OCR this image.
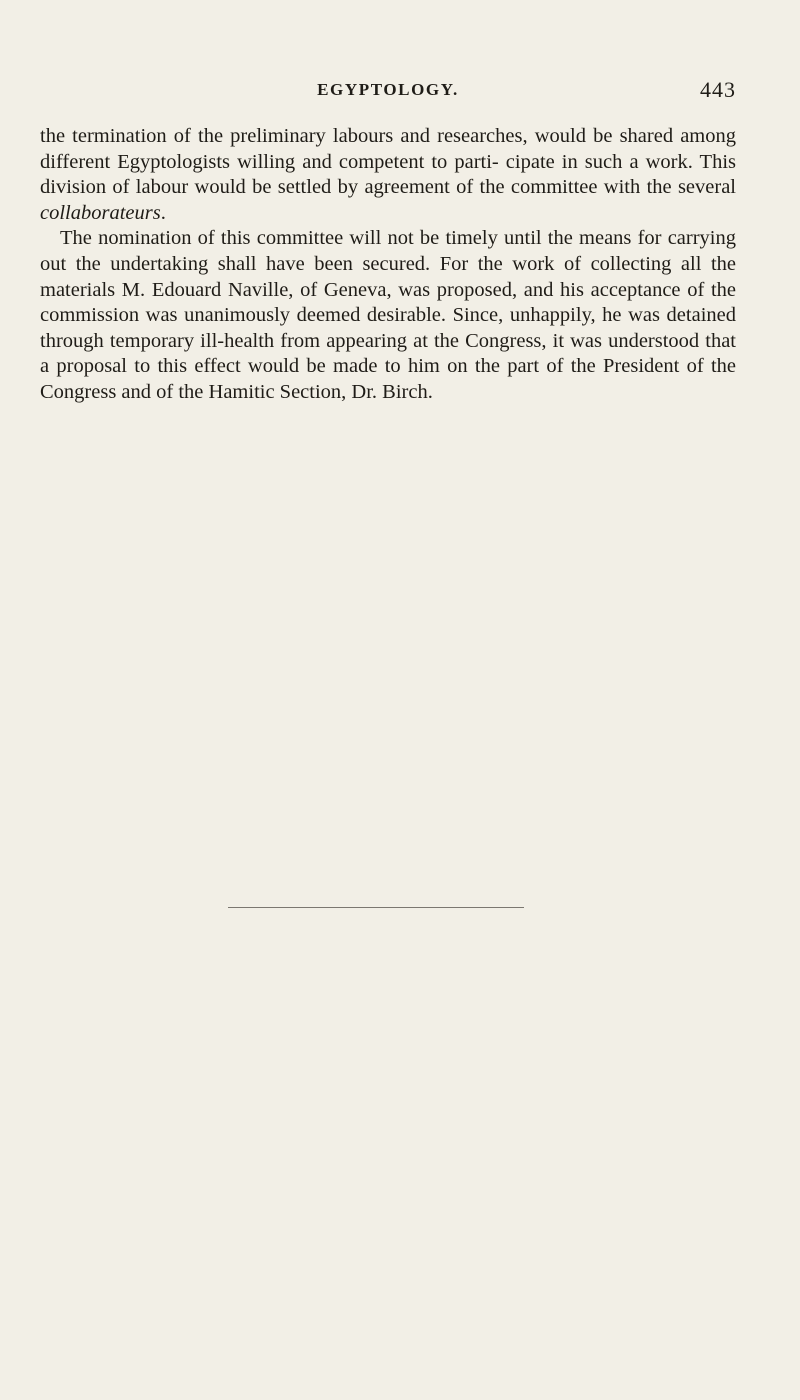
EGYPTOLOGY.	443

the termination of the preliminary labours and researches, would be shared among different Egyptologists willing and competent to parti- cipate in such a work. This division of labour would be settled by agreement of the committee with the several collaborateurs.

The nomination of this committee will not be timely until the means for carrying out the undertaking shall have been secured. For the work of collecting all the materials M. Edouard Naville, of Geneva, was proposed, and his acceptance of the commission was unanimously deemed desirable. Since, unhappily, he was detained through temporary ill-health from appearing at the Congress, it was understood that a proposal to this effect would be made to him on the part of the President of the Congress and of the Hamitic Section, Dr. Birch.
